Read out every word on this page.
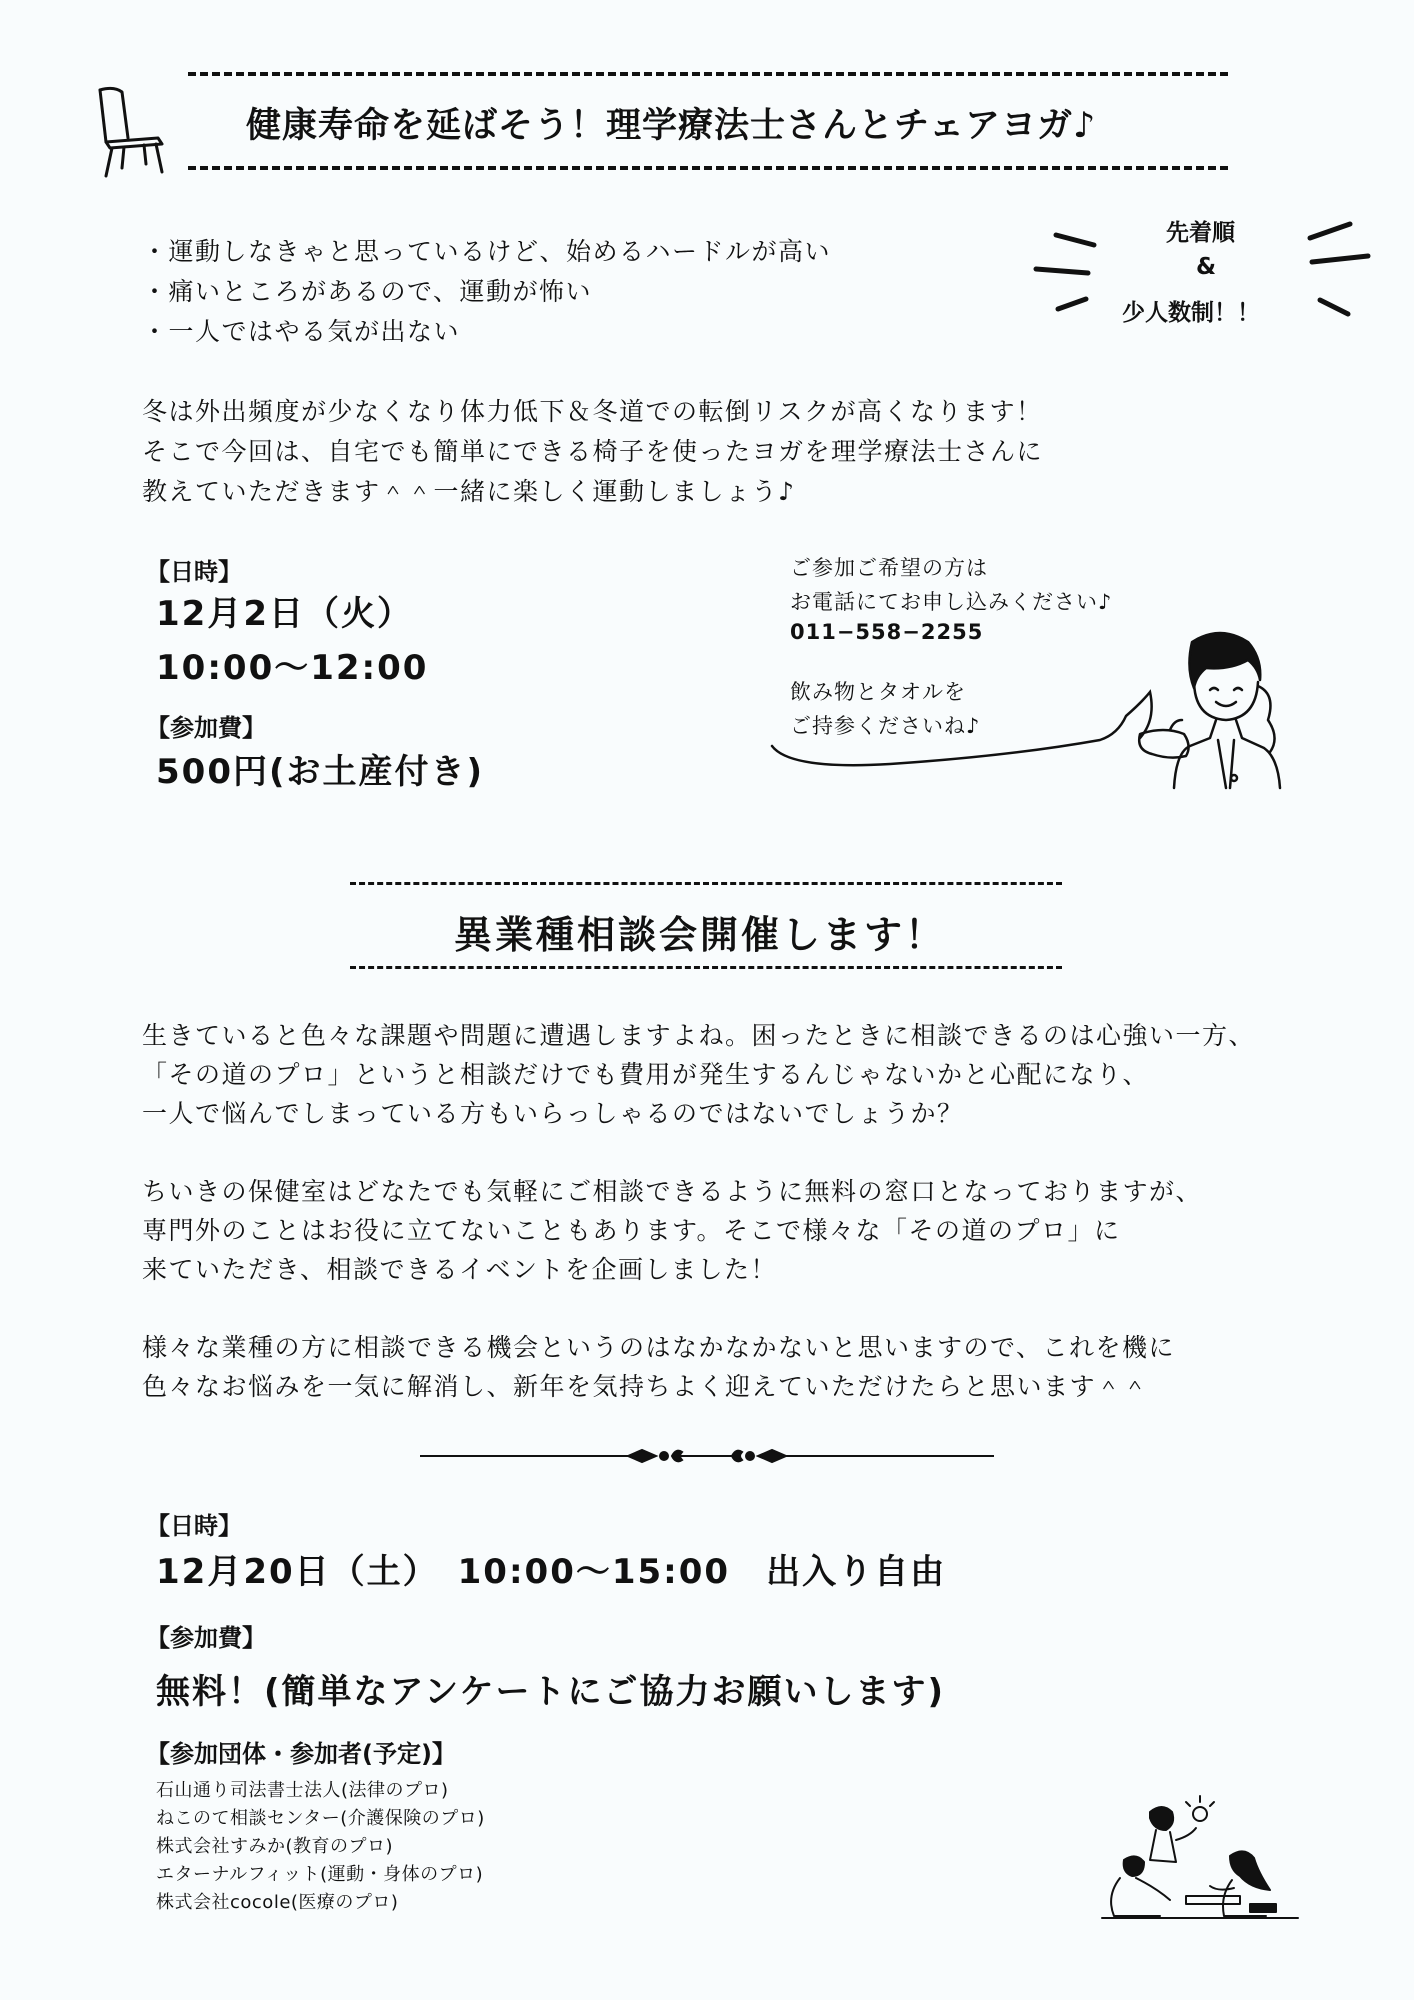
健康寿命を延ばそう！理学療法士さんとチェアヨガ♪
・運動しなきゃと思っているけど、始めるハードルが高い
・痛いところがあるので、運動が怖い
・一人ではやる気が出ない
先着順
&
少人数制！！
冬は外出頻度が少なくなり体力低下＆冬道での転倒リスクが高くなります！
そこで今回は、自宅でも簡単にできる椅子を使ったヨガを理学療法士さんに
教えていただきます＾＾一緒に楽しく運動しましょう♪
【日時】
12月2日（火）
10:00〜12:00
【参加費】
500円(お土産付き)
ご参加ご希望の方は
お電話にてお申し込みください♪
011−558−2255
飲み物とタオルを
ご持参くださいね♪
異業種相談会開催します！
生きていると色々な課題や問題に遭遇しますよね。困ったときに相談できるのは心強い一方、
「その道のプロ」というと相談だけでも費用が発生するんじゃないかと心配になり、
一人で悩んでしまっている方もいらっしゃるのではないでしょうか？
ちいきの保健室はどなたでも気軽にご相談できるように無料の窓口となっておりますが、
専門外のことはお役に立てないこともあります。そこで様々な「その道のプロ」に
来ていただき、相談できるイベントを企画しました！
様々な業種の方に相談できる機会というのはなかなかないと思いますので、これを機に
色々なお悩みを一気に解消し、新年を気持ちよく迎えていただけたらと思います＾＾
【日時】
12月20日（土）　10:00〜15:00　出入り自由
【参加費】
無料！(簡単なアンケートにご協力お願いします)
【参加団体・参加者(予定)】
石山通り司法書士法人(法律のプロ)
ねこのて相談センター(介護保険のプロ)
株式会社すみか(教育のプロ)
エターナルフィット(運動・身体のプロ)
株式会社cocole(医療のプロ)
